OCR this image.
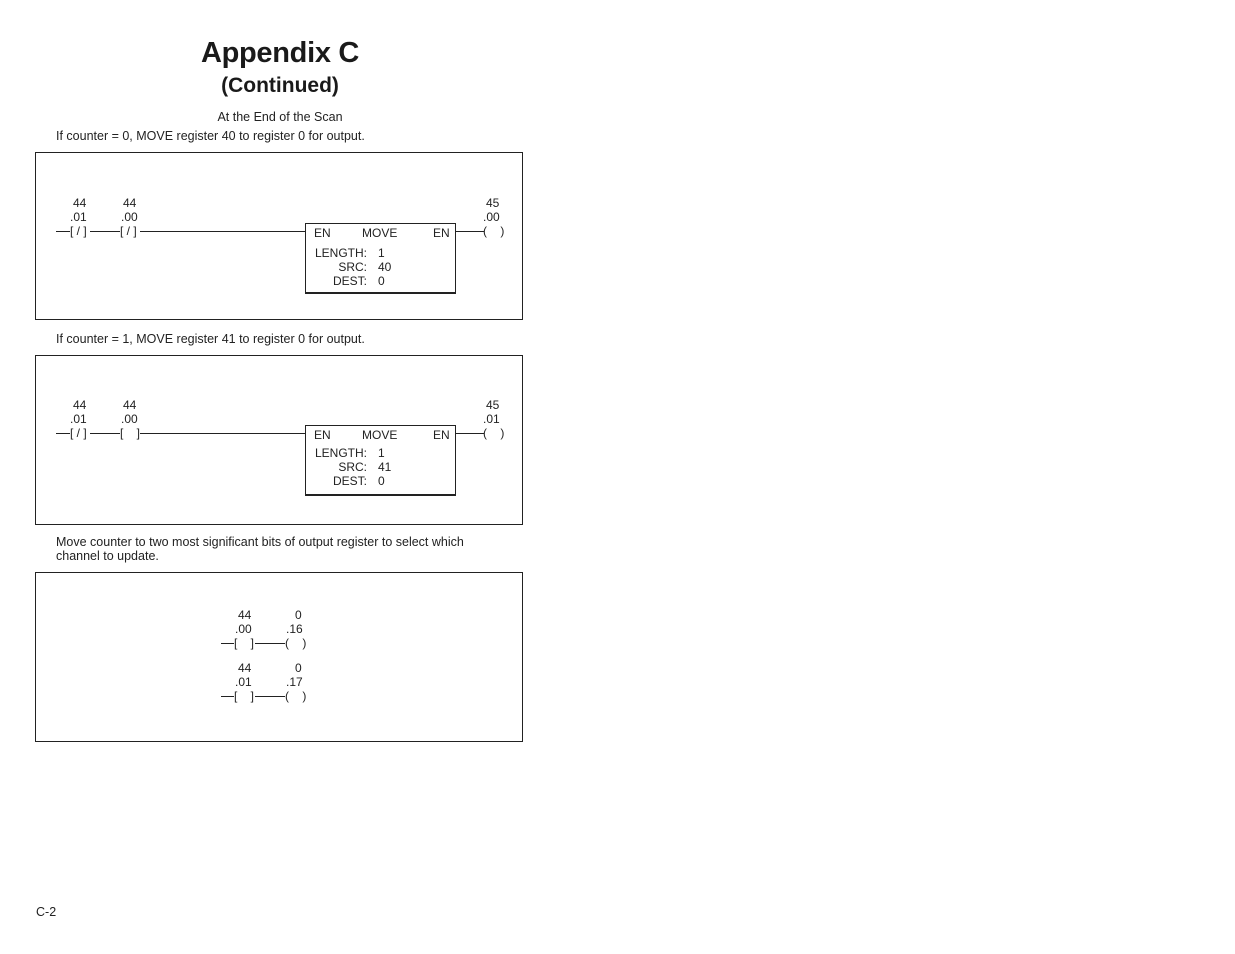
Appendix C
(Continued)
At the End of the Scan
If counter = 0, MOVE register 40 to register 0 for output.
44
.01
44
.00
[ / ]	[ / ]	EN	MOVE	EN
LENGTH: 1
SRC: 40
DEST: 0
45
.00
(    )
If counter = 1, MOVE register 41 to register 0 for output.
44
.01
44
.00
[ / ]	[    ]	EN	MOVE	EN
LENGTH: 1
SRC: 41
DEST: 0
45
.01
(    )
Move counter to two most significant bits of output register to select which
channel to update.
44
.00
0
.16
[    ]	(    )
44
.01
0
.17
[    ]	(    )
C-2
